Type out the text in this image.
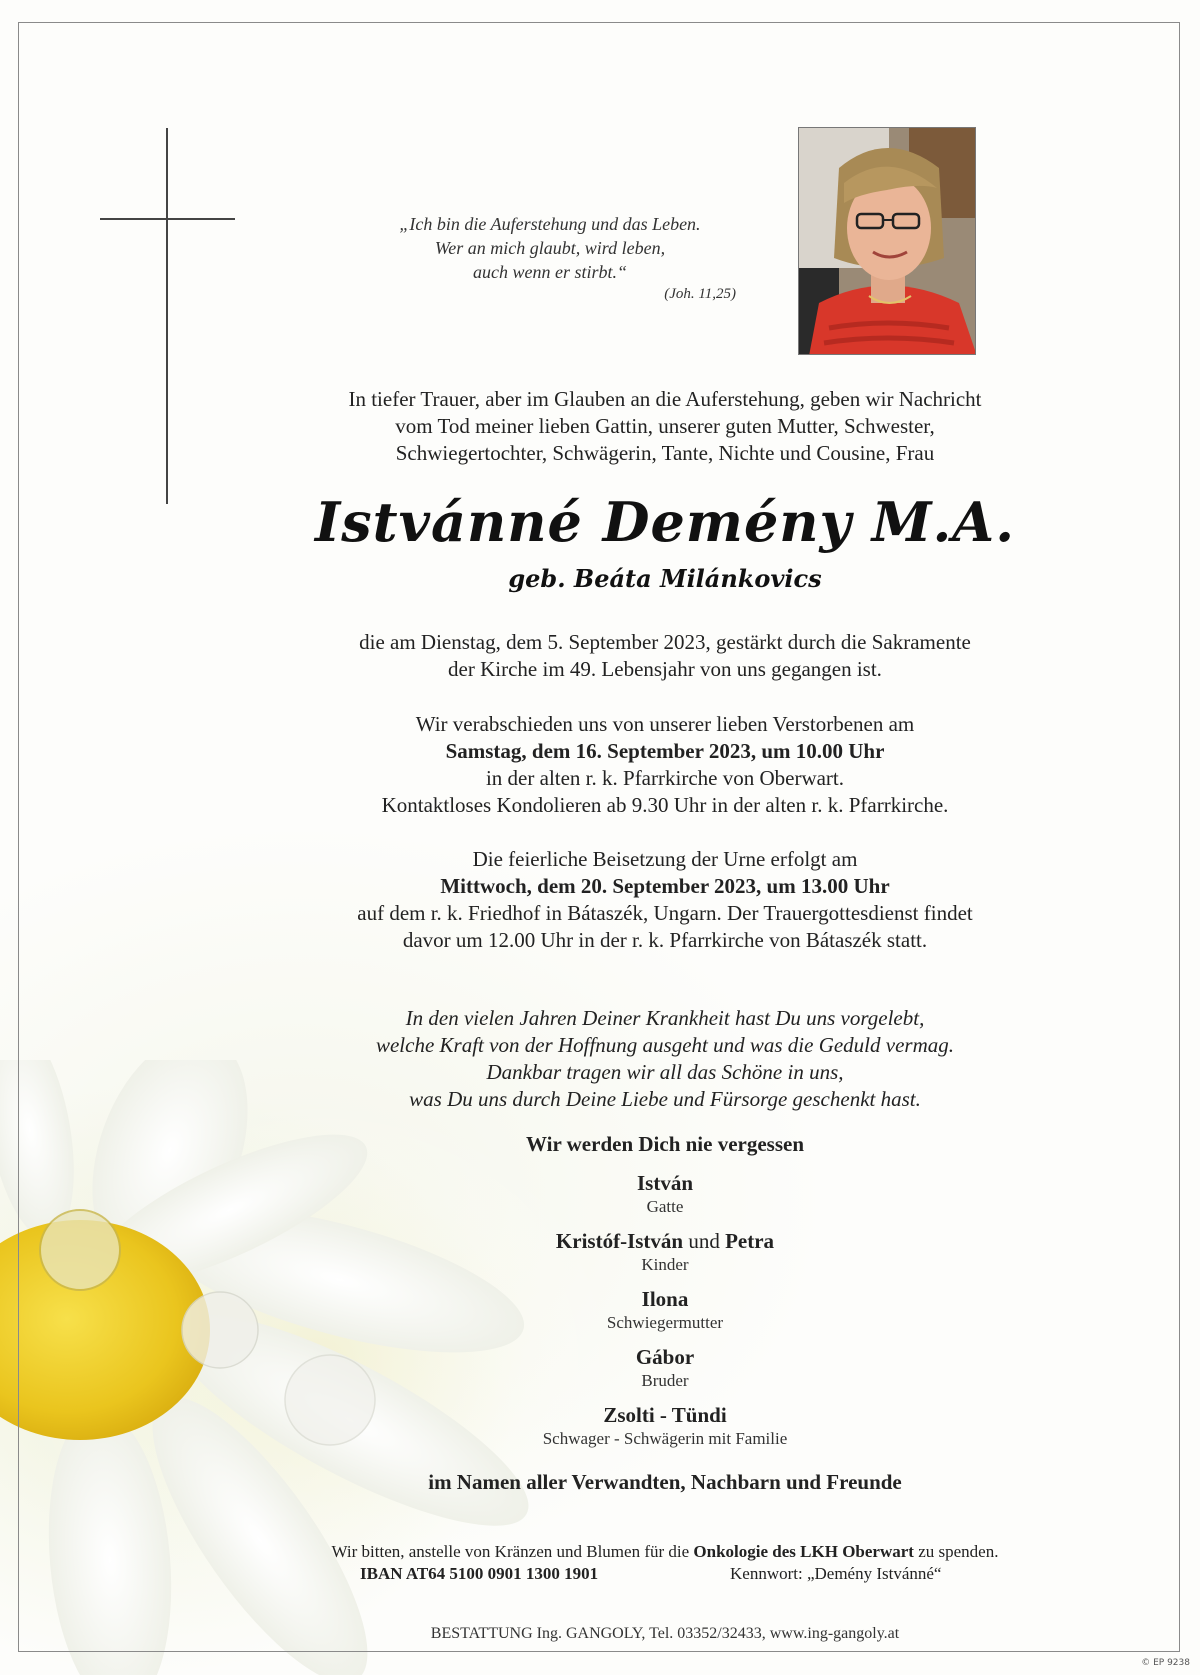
„Ich bin die Auferstehung und das Leben.
Wer an mich glaubt, wird leben,
auch wenn er stirbt.“
(Joh. 11,25)
In tiefer Trauer, aber im Glauben an die Auferstehung, geben wir Nachricht
vom Tod meiner lieben Gattin, unserer guten Mutter, Schwester,
Schwiegertochter, Schwägerin, Tante, Nichte und Cousine, Frau
Istvánné Demény M.A.
geb. Beáta Milánkovics
die am Dienstag, dem 5. September 2023, gestärkt durch die Sakramente
der Kirche im 49. Lebensjahr von uns gegangen ist.
Wir verabschieden uns von unserer lieben Verstorbenen am
Samstag, dem 16. September 2023, um 10.00 Uhr
in der alten r. k. Pfarrkirche von Oberwart.
Kontaktloses Kondolieren ab 9.30 Uhr in der alten r. k. Pfarrkirche.
Die feierliche Beisetzung der Urne erfolgt am
Mittwoch, dem 20. September 2023, um 13.00 Uhr
auf dem r. k. Friedhof in Bátaszék, Ungarn. Der Trauergottesdienst findet
davor um 12.00 Uhr in der r. k. Pfarrkirche von Bátaszék statt.
In den vielen Jahren Deiner Krankheit hast Du uns vorgelebt,
welche Kraft von der Hoffnung ausgeht und was die Geduld vermag.
Dankbar tragen wir all das Schöne in uns,
was Du uns durch Deine Liebe und Fürsorge geschenkt hast.
Wir werden Dich nie vergessen
István
Gatte
Kristóf-István und Petra
Kinder
Ilona
Schwiegermutter
Gábor
Bruder
Zsolti - Tündi
Schwager - Schwägerin mit Familie
im Namen aller Verwandten, Nachbarn und Freunde
Wir bitten, anstelle von Kränzen und Blumen für die Onkologie des LKH Oberwart zu spenden.
IBAN AT64 5100 0901 1300 1901	Kennwort: „Demény Istvánné“
BESTATTUNG Ing. GANGOLY, Tel. 03352/32433, www.ing-gangoly.at
© EP 9238
